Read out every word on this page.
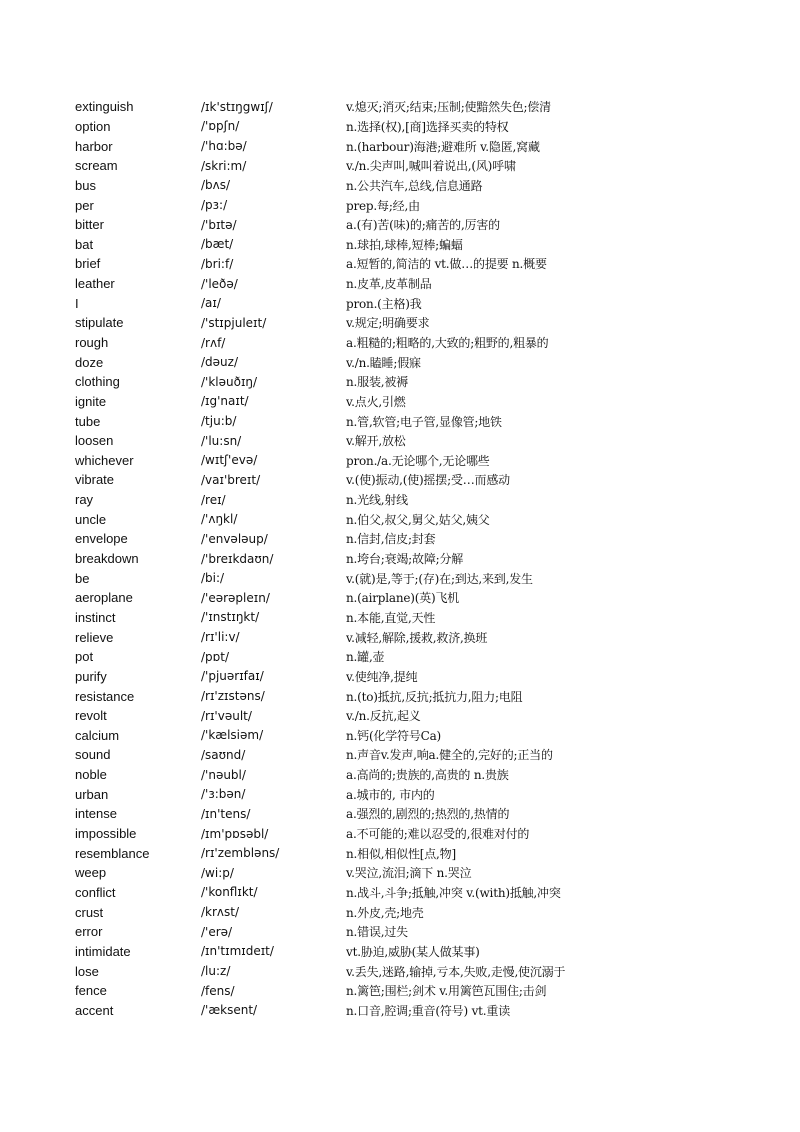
extinguish	/ɪk'stɪŋgwɪʃ/	v.熄灭;消灭;结束;压制;使黯然失色;偿清
option	/'ɒpʃn/	n.选择(权),[商]选择买卖的特权
harbor	/'hɑ:bə/	n.(harbour)海港;避难所 v.隐匿,窝藏
scream	/skri:m/	v./n.尖声叫,喊叫着说出,(风)呼啸
bus	/bʌs/	n.公共汽车,总线,信息通路
per	/pɜ:/	prep.每;经,由
bitter	/'bɪtə/	a.(有)苦(味)的;痛苦的,厉害的
bat	/bæt/	n.球拍,球棒,短棒;蝙蝠
brief	/bri:f/	a.短暂的,简洁的 vt.做…的提要 n.概要
leather	/'leðə/	n.皮革,皮革制品
I	/aɪ/	pron.(主格)我
stipulate	/'stɪpjuleɪt/	v.规定;明确要求
rough	/rʌf/	a.粗糙的;粗略的,大致的;粗野的,粗暴的
doze	/dəuz/	v./n.瞌睡;假寐
clothing	/'kləuðɪŋ/	n.服装,被褥
ignite	/ɪg'naɪt/	v.点火,引燃
tube	/tju:b/	n.管,软管;电子管,显像管;地铁
loosen	/'lu:sn/	v.解开,放松
whichever	/wɪtʃ'evə/	pron./a.无论哪个,无论哪些
vibrate	/vaɪ'breɪt/	v.(使)振动,(使)摇摆;受…而感动
ray	/reɪ/	n.光线,射线
uncle	/'ʌŋkl/	n.伯父,叔父,舅父,姑父,姨父
envelope	/'envələup/	n.信封,信皮;封套
breakdown	/'breɪkdaʊn/	n.垮台;衰竭;故障;分解
be	/bi:/	v.(就)是,等于;(存)在;到达,来到,发生
aeroplane	/'eərəpleɪn/	n.(airplane)(英)飞机
instinct	/'ɪnstɪŋkt/	n.本能,直觉,天性
relieve	/rɪ'li:v/	v.减轻,解除,援救,救济,换班
pot	/pɒt/	n.罐,壶
purify	/'pjuərɪfaɪ/	v.使纯净,提纯
resistance	/rɪ'zɪstəns/	n.(to)抵抗,反抗;抵抗力,阻力;电阻
revolt	/rɪ'vəult/	v./n.反抗,起义
calcium	/'kælsiəm/	n.钙(化学符号Ca)
sound	/saʊnd/	n.声音v.发声,响a.健全的,完好的;正当的
noble	/'nəubl/	a.高尚的;贵族的,高贵的 n.贵族
urban	/'ɜ:bən/	a.城市的, 市内的
intense	/ɪn'tens/	a.强烈的,剧烈的;热烈的,热情的
impossible	/ɪm'pɒsəbl/	a.不可能的;难以忍受的,很难对付的
resemblance	/rɪ'zembləns/	n.相似,相似性[点,物]
weep	/wi:p/	v.哭泣,流泪;滴下 n.哭泣
conflict	/'konflɪkt/	n.战斗,斗争;抵触,冲突 v.(with)抵触,冲突
crust	/krʌst/	n.外皮,壳;地壳
error	/'erə/	n.错误,过失
intimidate	/ɪn'tɪmɪdeɪt/	vt.胁迫,威胁(某人做某事)
lose	/lu:z/	v.丢失,迷路,输掉,亏本,失败,走慢,使沉溺于
fence	/fens/	n.篱笆;围栏;剑术 v.用篱笆瓦围住;击剑
accent	/'æksent/	n.口音,腔调;重音(符号) vt.重读
